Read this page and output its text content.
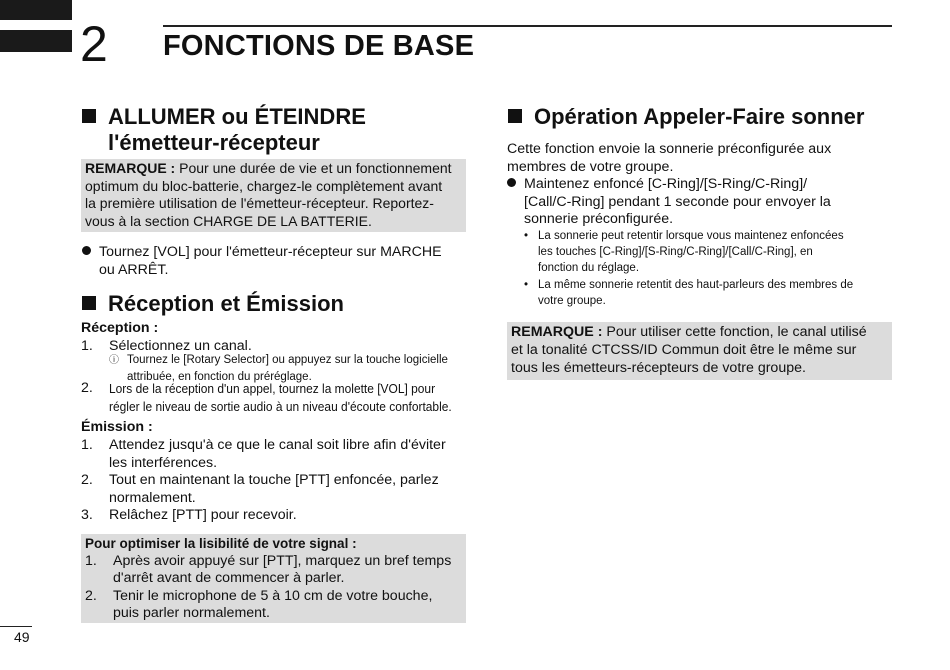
2 FONCTIONS DE BASE
ALLUMER ou ÉTEINDRE
l'émetteur-récepteur
REMARQUE : Pour une durée de vie et un fonctionnement
optimum du bloc-batterie, chargez-le complètement avant
la première utilisation de l'émetteur-récepteur. Reportez-
vous à la section CHARGE DE LA BATTERIE.
Tournez [VOL] pour l'émetteur-récepteur sur MARCHE
ou ARRÊT.
Réception et Émission
Réception :
1.	Sélectionnez un canal.
ⓘ Tournez le [Rotary Selector] ou appuyez sur la touche logicielle
attribuée, en fonction du préréglage.
2.	Lors de la réception d'un appel, tournez la molette [VOL] pour
régler le niveau de sortie audio à un niveau d'écoute confortable.
Émission :
1.	Attendez jusqu'à ce que le canal soit libre afin d'éviter
les interférences.
2.	Tout en maintenant la touche [PTT] enfoncée, parlez
normalement.
3.	Relâchez [PTT] pour recevoir.
Pour optimiser la lisibilité de votre signal :
1.	Après avoir appuyé sur [PTT], marquez un bref temps
d'arrêt avant de commencer à parler.
2.	Tenir le microphone de 5 à 10 cm de votre bouche,
puis parler normalement.
Opération Appeler-Faire sonner
Cette fonction envoie la sonnerie préconfigurée aux
membres de votre groupe.
Maintenez enfoncé [C-Ring]/[S-Ring/C-Ring]/
[Call/C-Ring] pendant 1 seconde pour envoyer la
sonnerie préconfigurée.
• La sonnerie peut retentir lorsque vous maintenez enfoncées
les touches [C-Ring]/[S-Ring/C-Ring]/[Call/C-Ring], en
fonction du réglage.
• La même sonnerie retentit des haut-parleurs des membres de
votre groupe.
REMARQUE : Pour utiliser cette fonction, le canal utilisé
et la tonalité CTCSS/ID Commun doit être le même sur
tous les émetteurs-récepteurs de votre groupe.
49
